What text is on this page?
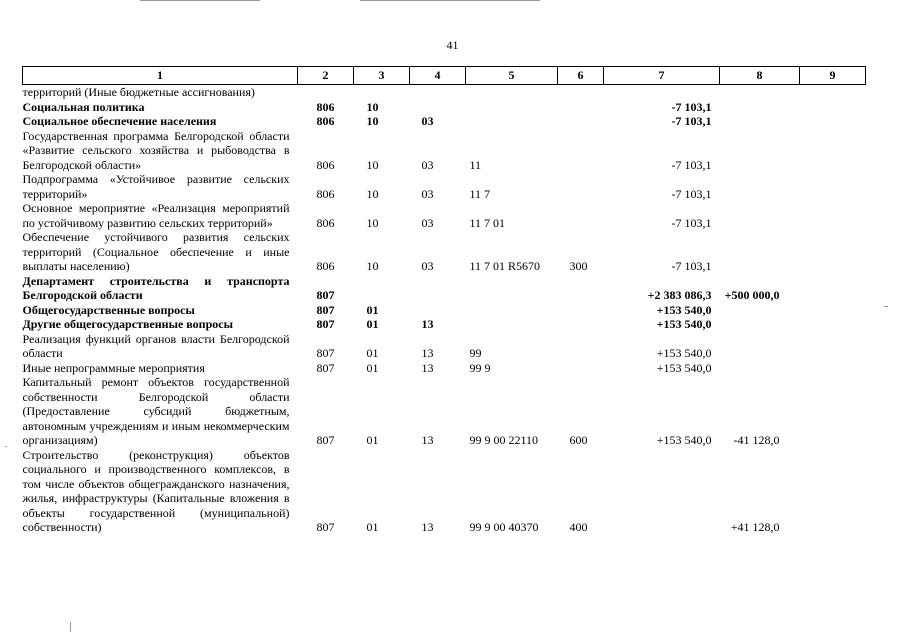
41
1	2	3	4	5	6	7	8	9
территорий (Иные бюджетные ассигнования)								
Социальная политика	806	10				-7 103,1		
Социальное обеспечение населения	806	10	03			-7 103,1		
Государственная программа Белгородской области «Развитие сельского хозяйства и рыбоводства в Белгородской области»	806	10	03	11		-7 103,1		
Подпрограмма «Устойчивое развитие сельских территорий»	806	10	03	11 7		-7 103,1		
Основное мероприятие «Реализация мероприятий по устойчивому развитию сельских территорий»	806	10	03	11 7 01		-7 103,1		
Обеспечение устойчивого развития сельских территорий (Социальное обеспечение и иные выплаты населению)	806	10	03	11 7 01 R5670	300	-7 103,1		
Департамент строительства и транспорта Белгородской области	807					+2 383 086,3	+500 000,0	
Общегосударственные вопросы	807	01				+153 540,0		
Другие общегосударственные вопросы	807	01	13			+153 540,0		
Реализация функций органов власти Белгородской области	807	01	13	99		+153 540,0		
Иные непрограммные мероприятия	807	01	13	99 9		+153 540,0		
Капитальный ремонт объектов государственной собственности Белгородской области (Предоставление субсидий бюджетным, автономным учреждениям и иным некоммерческим организациям)	807	01	13	99 9 00 22110	600	+153 540,0	-41 128,0	
Строительство (реконструкция) объектов социального и производственного комплексов, в том числе объектов общегражданского назначения, жилья, инфраструктуры (Капитальные вложения в объекты государственной (муниципальной) собственности)	807	01	13	99 9 00 40370	400		+41 128,0	
